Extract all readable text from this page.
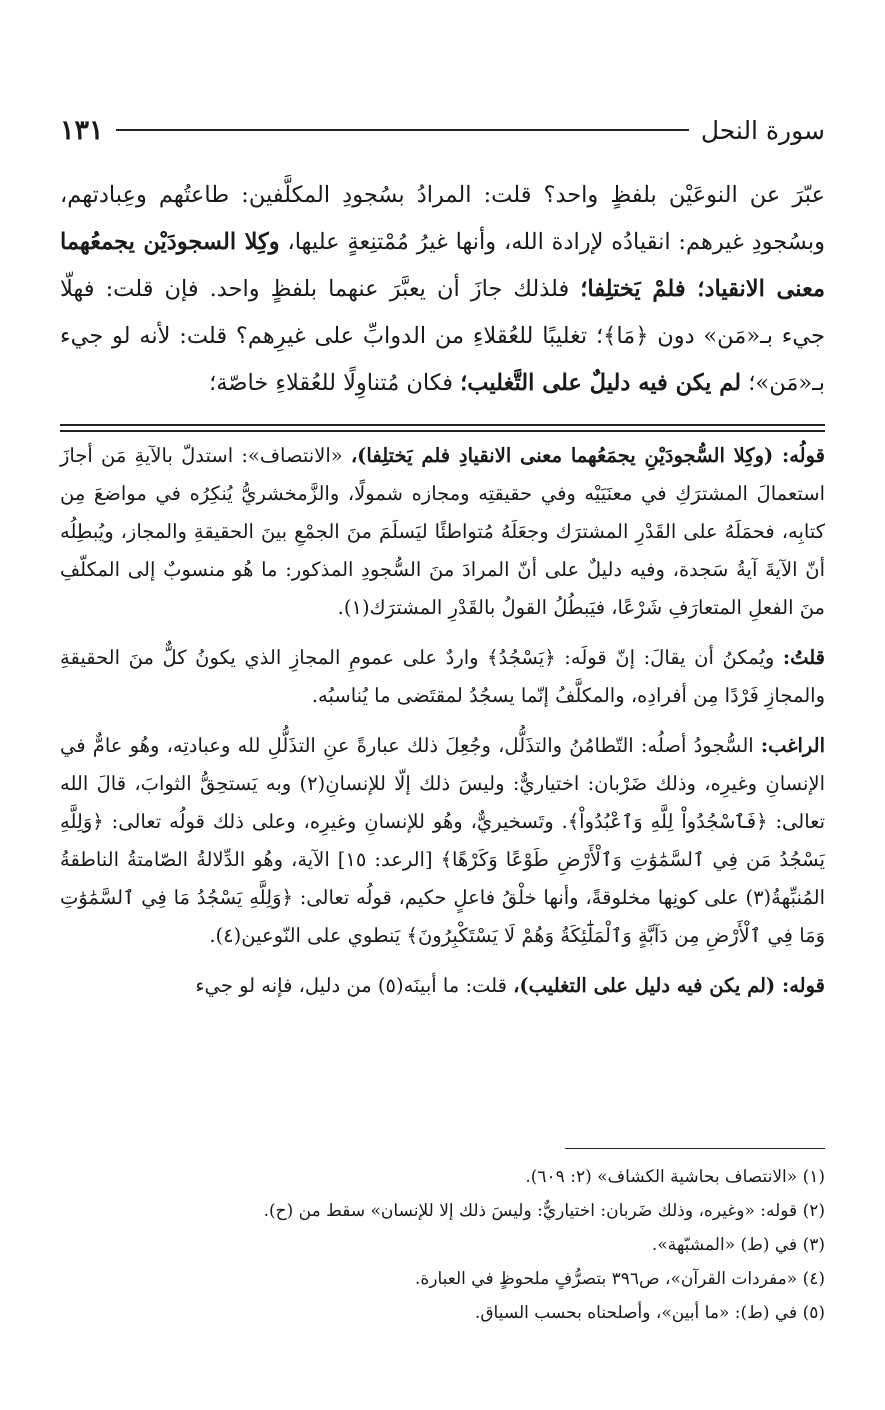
سورة النحل
١٣١

عبّرَ عن النوعَيْن بلفظٍ واحد؟ قلت: المرادُ بسُجودِ المكلَّفين: طاعتُهم وعِبادتهم، وبسُجودِ غيرهم: انقيادُه لإرادة الله، وأنها غيرُ مُمْتنِعةٍ عليها، وكِلا السجودَيْن يجمعُهما معنى الانقياد؛ فلمْ يَختلِفا؛ فلذلك جازَ أن يعبَّرَ عنهما بلفظٍ واحد. فإن قلت: فهلّا جيء بـ«مَن» دون ﴿مَا﴾؛ تغليبًا للعُقلاءِ من الدوابِّ على غيرِهم؟ قلت: لأنه لو جيء بـ«مَن»؛ لم يكن فيه دليلٌ على التَّغليب؛ فكان مُتناوِلًا للعُقلاءِ خاصّة؛

قولُه: (وكِلا السُّجودَيْنِ يجمَعُهما معنى الانقيادِ فلم يَختلِفا)، «الانتصاف»: استدلّ بالآيةِ مَن أجازَ استعمالَ المشترَكِ في معنَيَيْه وفي حقيقتِه ومجازه شمولًا، والزَّمخشريُّ يُنكِرُه في مواضعَ مِن كتابِه، فحمَلَهُ على القَدْرِ المشترَك وجعَلَهُ مُتواطئًا ليَسلَمَ منَ الجمْعِ بينَ الحقيقةِ والمجاز، ويُبطِلُه أنّ الآيةَ آيةُ سَجدة، وفيه دليلٌ على أنّ المرادَ منَ السُّجودِ المذكور: ما هُو منسوبٌ إلى المكلّفِ منَ الفعلِ المتعارَفِ شَرْعًا، فيَبطُلُ القولُ بالقَدْرِ المشترَك(١).

قلتُ: ويُمكنُ أن يقالَ: إنّ قولَه: ﴿يَسْجُدُ﴾ واردٌ على عمومِ المجازِ الذي يكونُ كلٌّ منَ الحقيقةِ والمجازِ فَرْدًا مِن أفرادِه، والمكلَّفُ إنّما يسجُدُ لمقتَضى ما يُناسبُه.

الراغب: السُّجودُ أصلُه: التّطامُنُ والتذَلُّل، وجُعِلَ ذلك عبارةً عنِ التذَلُّلِ لله وعبادتِه، وهُو عامٌّ في الإنسانِ وغيرِه، وذلك ضَرْبان: اختياريٌّ: وليسَ ذلك إلّا للإنسانِ(٢) وبه يَستحِقُّ الثوابَ، قالَ الله تعالى: ﴿فَٱسْجُدُواْ لِلَّهِ وَٱعْبُدُواْ﴾. وتَسخيريٌّ، وهُو للإنسانِ وغيرِه، وعلى ذلك قولُه تعالى: ﴿وَلِلَّهِ يَسْجُدُ مَن فِي ٱلسَّمَٰوَٰتِ وَٱلْأَرْضِ طَوْعًا وَكَرْهًا﴾ [الرعد: ١٥] الآية، وهُو الدِّلالةُ الصّامتةُ الناطقةُ المُنبِّهةُ(٣) على كونِها مخلوقةً، وأنها خلْقُ فاعلٍ حكيم، قولُه تعالى: ﴿وَلِلَّهِ يَسْجُدُ مَا فِي ٱلسَّمَٰوَٰتِ وَمَا فِي ٱلْأَرْضِ مِن دَآبَّةٍ وَٱلْمَلَٰٓئِكَةُ وَهُمْ لَا يَسْتَكْبِرُونَ﴾ يَنطوي على النّوعين(٤).

قوله: (لم يكن فيه دليل على التغليب)، قلت: ما أبينَه(٥) من دليل، فإنه لو جيء

(١) «الانتصاف بحاشية الكشاف» (٢: ٦٠٩).
(٢) قوله: «وغيره، وذلك ضَربان: اختياريٌّ: وليسَ ذلك إلا للإنسان» سقط من (ح).
(٣) في (ط) «المشبّهة».
(٤) «مفردات القرآن»، ص٣٩٦ بتصرُّفٍ ملحوظٍ في العبارة.
(٥) في (ط): «ما أبين»، وأصلحناه بحسب السياق.
